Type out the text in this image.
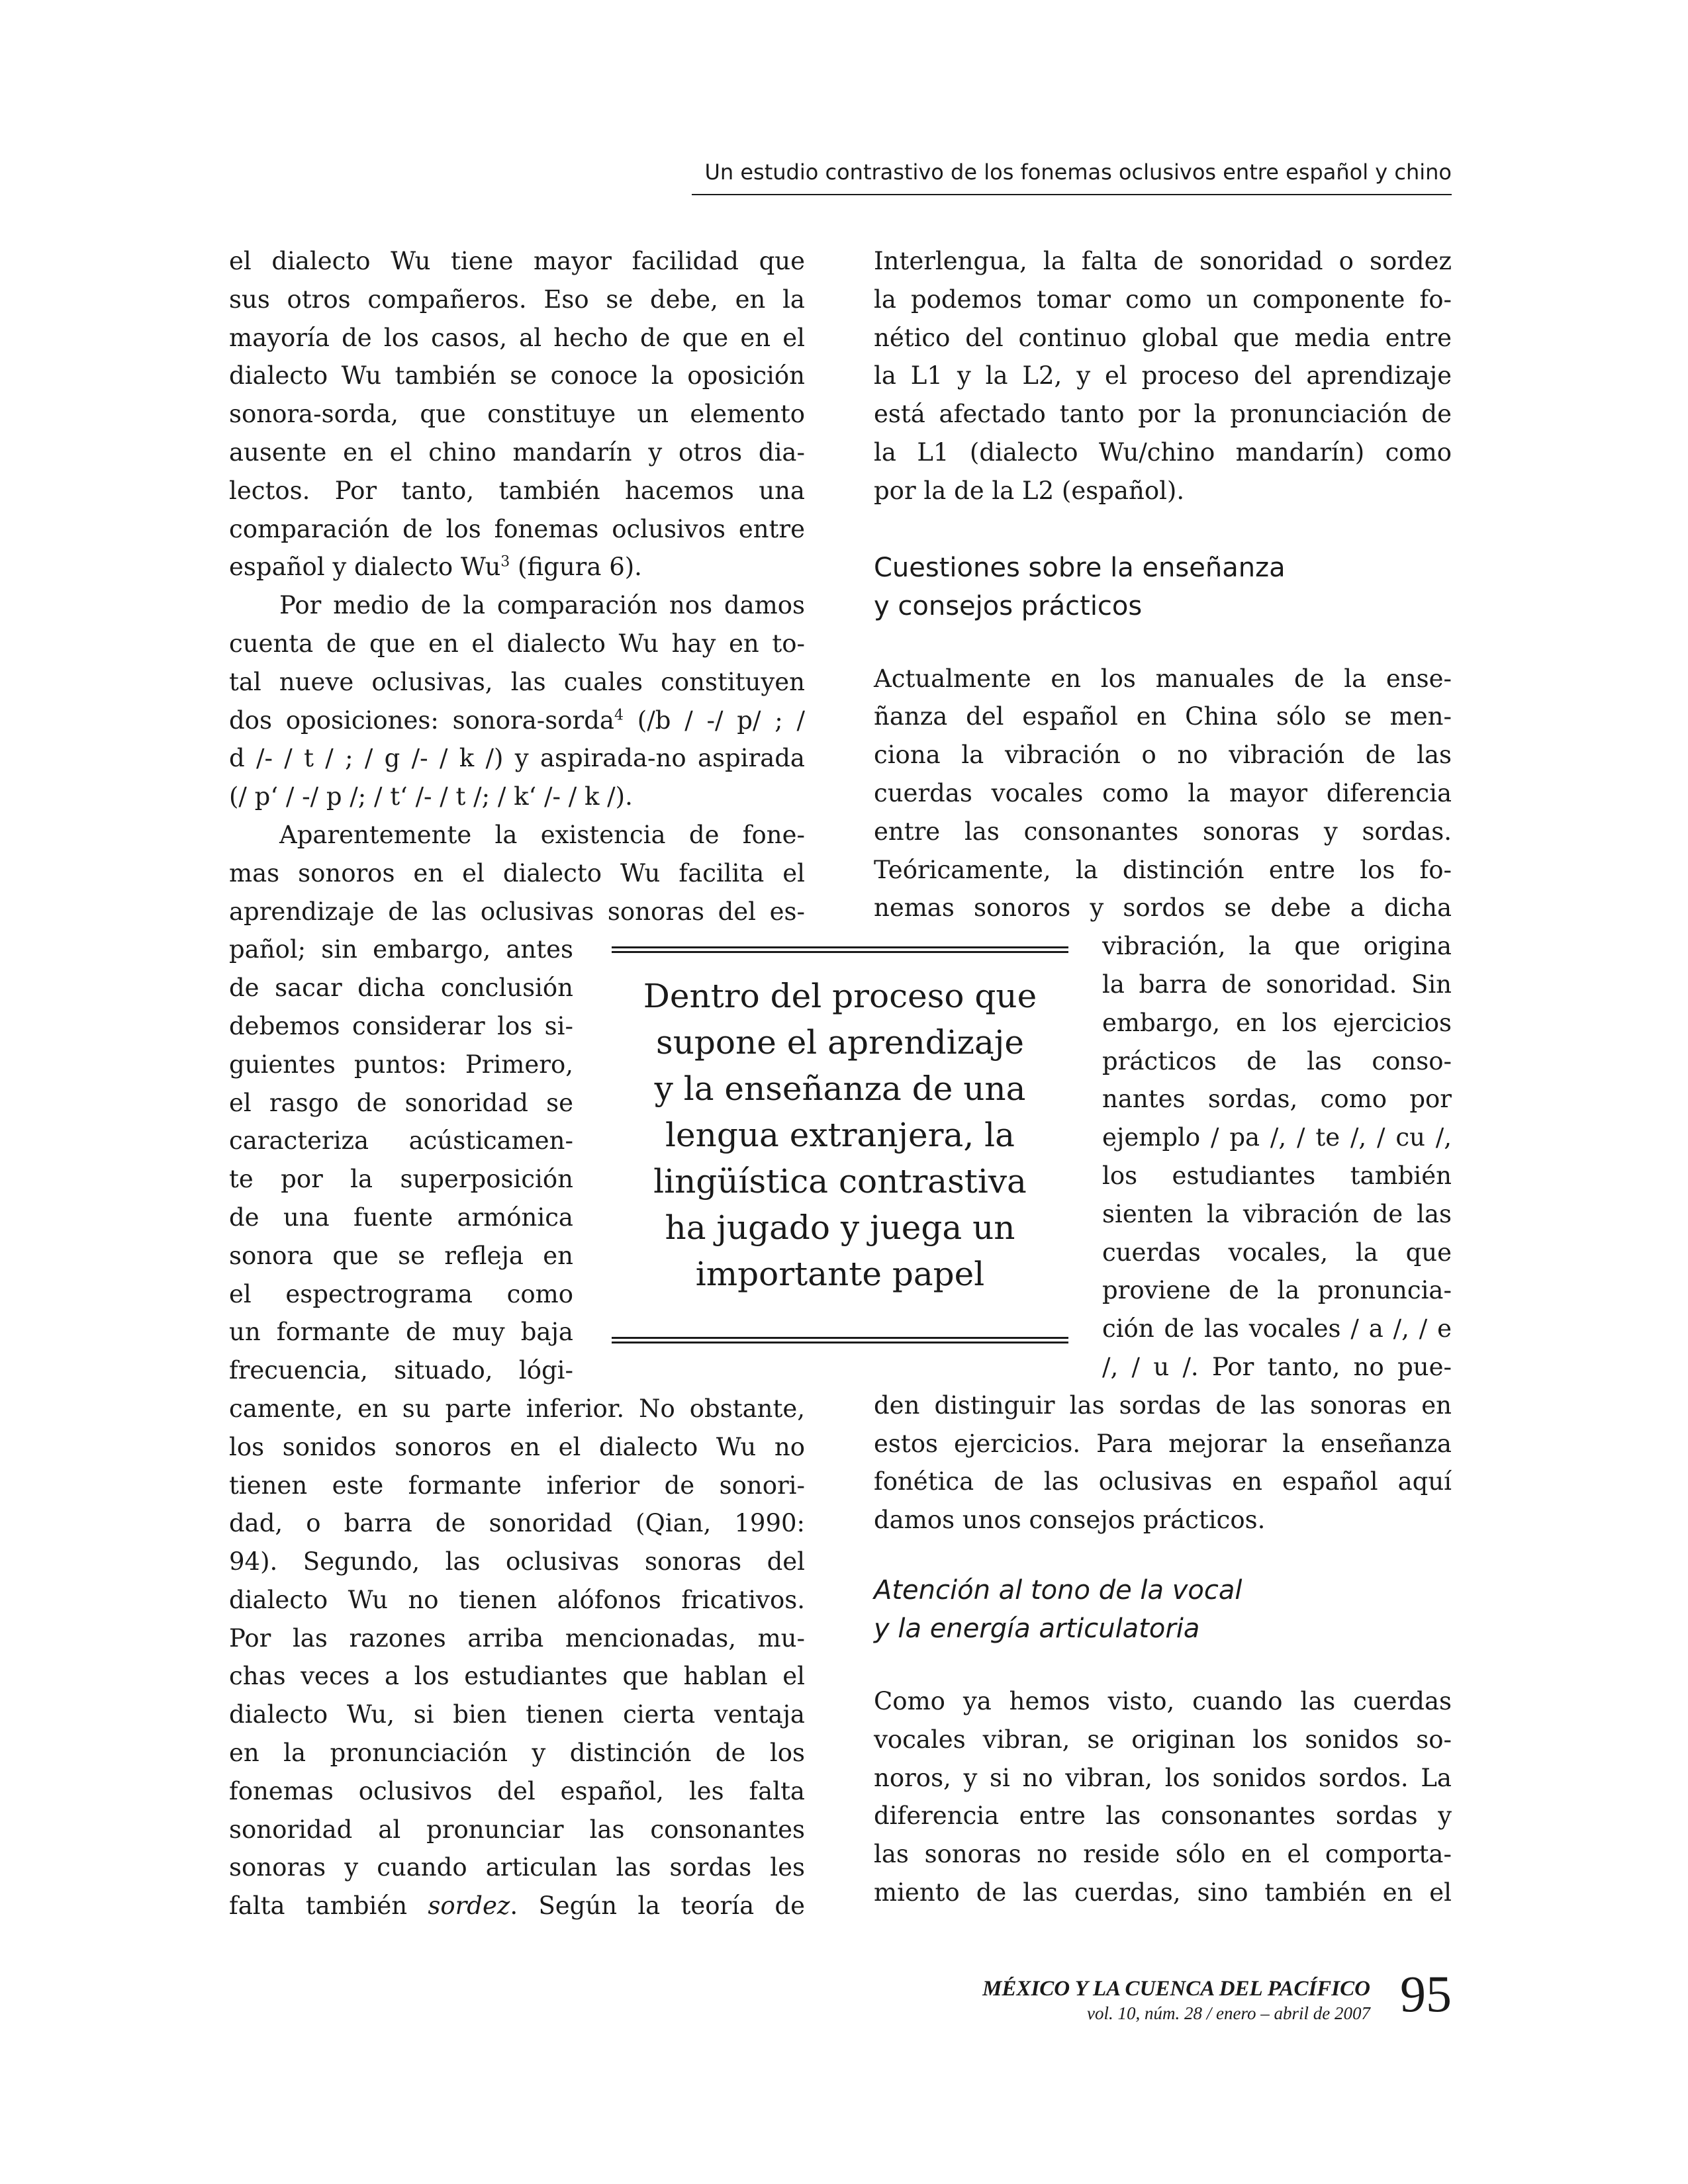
Un estudio contrastivo de los fonemas oclusivos entre español y chino
el dialecto Wu tiene mayor facilidad que
sus otros compañeros. Eso se debe, en la
mayoría de los casos, al hecho de que en el
dialecto Wu también se conoce la oposición
sonora-sorda, que constituye un elemento
ausente en el chino mandarín y otros dia-
lectos. Por tanto, también hacemos una
comparación de los fonemas oclusivos entre
español y dialecto Wu$^3$ (figura 6).
Por medio de la comparación nos damos
cuenta de que en el dialecto Wu hay en to-
tal nueve oclusivas, las cuales constituyen
dos oposiciones: sonora-sorda$^4$ (/b / -/ p/ ; /
d /- / t / ; / g /- / k /) y aspirada-no aspirada
(/ p‘ / -/ p /; / t‘ /- / t /; / k‘ /- / k /).
Aparentemente la existencia de fone-
mas sonoros en el dialecto Wu facilita el
aprendizaje de las oclusivas sonoras del es-
pañol; sin embargo, antes
de sacar dicha conclusión
debemos considerar los si-
guientes puntos: Primero,
el rasgo de sonoridad se
caracteriza acústicamen-
te por la superposición
de una fuente armónica
sonora que se refleja en
el espectrograma como
un formante de muy baja
frecuencia, situado, lógi-
camente, en su parte inferior. No obstante,
los sonidos sonoros en el dialecto Wu no
tienen este formante inferior de sonori-
dad, o barra de sonoridad (Qian, 1990:
94). Segundo, las oclusivas sonoras del
dialecto Wu no tienen alófonos fricativos.
Por las razones arriba mencionadas, mu-
chas veces a los estudiantes que hablan el
dialecto Wu, si bien tienen cierta ventaja
en la pronunciación y distinción de los
fonemas oclusivos del español, les falta
sonoridad al pronunciar las consonantes
sonoras y cuando articulan las sordas les
falta también sordez. Según la teoría de
Interlengua, la falta de sonoridad o sordez
la podemos tomar como un componente fo-
nético del continuo global que media entre
la L1 y la L2, y el proceso del aprendizaje
está afectado tanto por la pronunciación de
la L1 (dialecto Wu/chino mandarín) como
por la de la L2 (español).
Cuestiones sobre la enseñanza
y consejos prácticos
Actualmente en los manuales de la ense-
ñanza del español en China sólo se men-
ciona la vibración o no vibración de las
cuerdas vocales como la mayor diferencia
entre las consonantes sonoras y sordas.
Teóricamente, la distinción entre los fo-
nemas sonoros y sordos se debe a dicha
vibración, la que origina
la barra de sonoridad. Sin
embargo, en los ejercicios
prácticos de las conso-
nantes sordas, como por
ejemplo / pa /, / te /, / cu /,
los estudiantes también
sienten la vibración de las
cuerdas vocales, la que
proviene de la pronuncia-
ción de las vocales / a /, / e
/, / u /. Por tanto, no pue-
den distinguir las sordas de las sonoras en
estos ejercicios. Para mejorar la enseñanza
fonética de las oclusivas en español aquí
damos unos consejos prácticos.
Atención al tono de la vocal
y la energía articulatoria
Como ya hemos visto, cuando las cuerdas
vocales vibran, se originan los sonidos so-
noros, y si no vibran, los sonidos sordos. La
diferencia entre las consonantes sordas y
las sonoras no reside sólo en el comporta-
miento de las cuerdas, sino también en el
Dentro del proceso que
supone el aprendizaje
y la enseñanza de una
lengua extranjera, la
lingüística contrastiva
ha jugado y juega un
importante papel
MÉXICO Y LA CUENCA DEL PACÍFICO
vol. 10, núm. 28 / enero – abril de 2007 95
